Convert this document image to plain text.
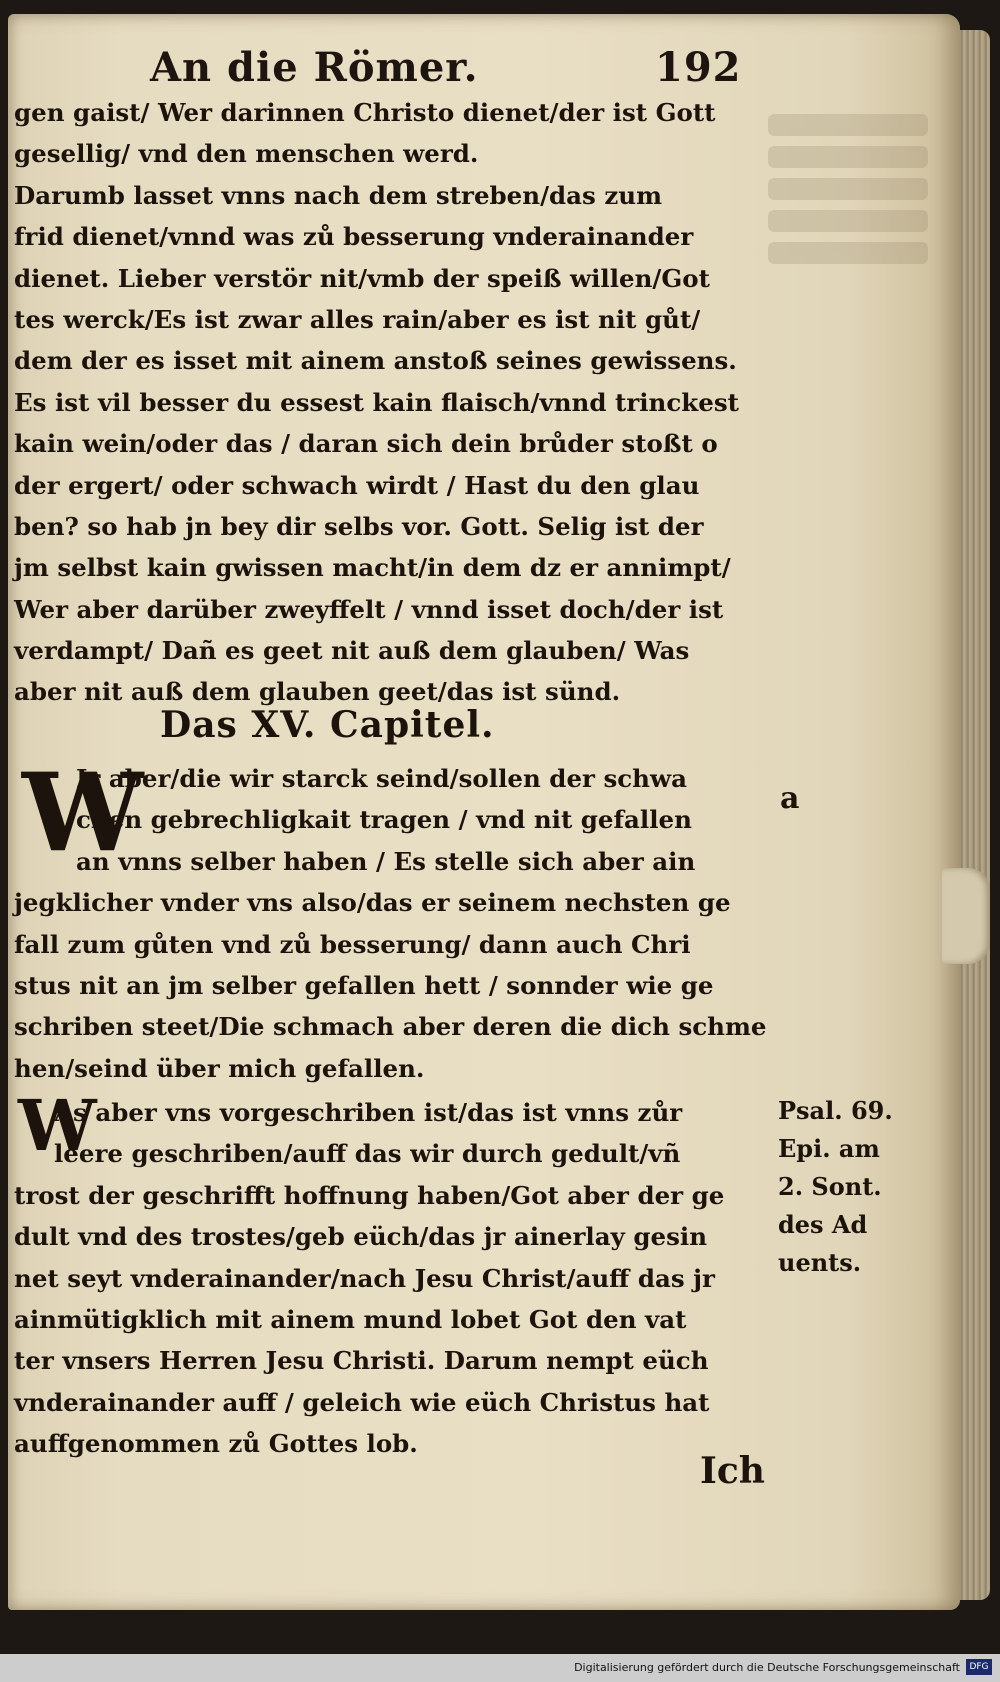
An die Römer.	192
gen gaist/ Wer darinnen Christo dienet/der ist Gott
gesellig/ vnd den menschen werd.
Darumb lasset vnns nach dem streben/das zum
frid dienet/vnnd was zů besserung vnderainander
dienet. Lieber verstör nit/vmb der speiß willen/Got
tes werck/Es ist zwar alles rain/aber es ist nit gůt/
dem der es isset mit ainem anstoß seines gewissens.
Es ist vil besser du essest kain flaisch/vnnd trinckest
kain wein/oder das / daran sich dein brůder stoßt o
der ergert/ oder schwach wirdt / Hast du den glau
ben? so hab jn bey dir selbs vor. Gott. Selig ist der
jm selbst kain gwissen macht/in dem dz er annimpt/
Wer aber darüber zweyffelt / vnnd isset doch/der ist
verdampt/ Dañ es geet nit auß dem glauben/ Was
aber nit auß dem glauben geet/das ist sünd.
Das XV. Capitel.
W
Ir aber/die wir starck seind/sollen der schwa
chen gebrechligkait tragen / vnd nit gefallen
an vnns selber haben / Es stelle sich aber ain
jegklicher vnder vns also/das er seinem nechsten ge
fall zum gůten vnd zů besserung/ dann auch Chri
stus nit an jm selber gefallen hett / sonnder wie ge
schriben steet/Die schmach aber deren die dich schme
hen/seind über mich gefallen.
W
As aber vns vorgeschriben ist/das ist vnns zůr
leere geschriben/auff das wir durch gedult/vñ
trost der geschrifft hoffnung haben/Got aber der ge
dult vnd des trostes/geb eüch/das jr ainerlay gesin
net seyt vnderainander/nach Jesu Christ/auff das jr
ainmütigklich mit ainem mund lobet Got den vat
ter vnsers Herren Jesu Christi. Darum nempt eüch
vnderainander auff / geleich wie eüch Christus hat
auffgenommen zů Gottes lob.
a
Psal. 69.
Epi. am
2. Sont.
des Ad
uents.
Ich
Digitalisierung gefördert durch die Deutsche Forschungsgemeinschaft	DFG
